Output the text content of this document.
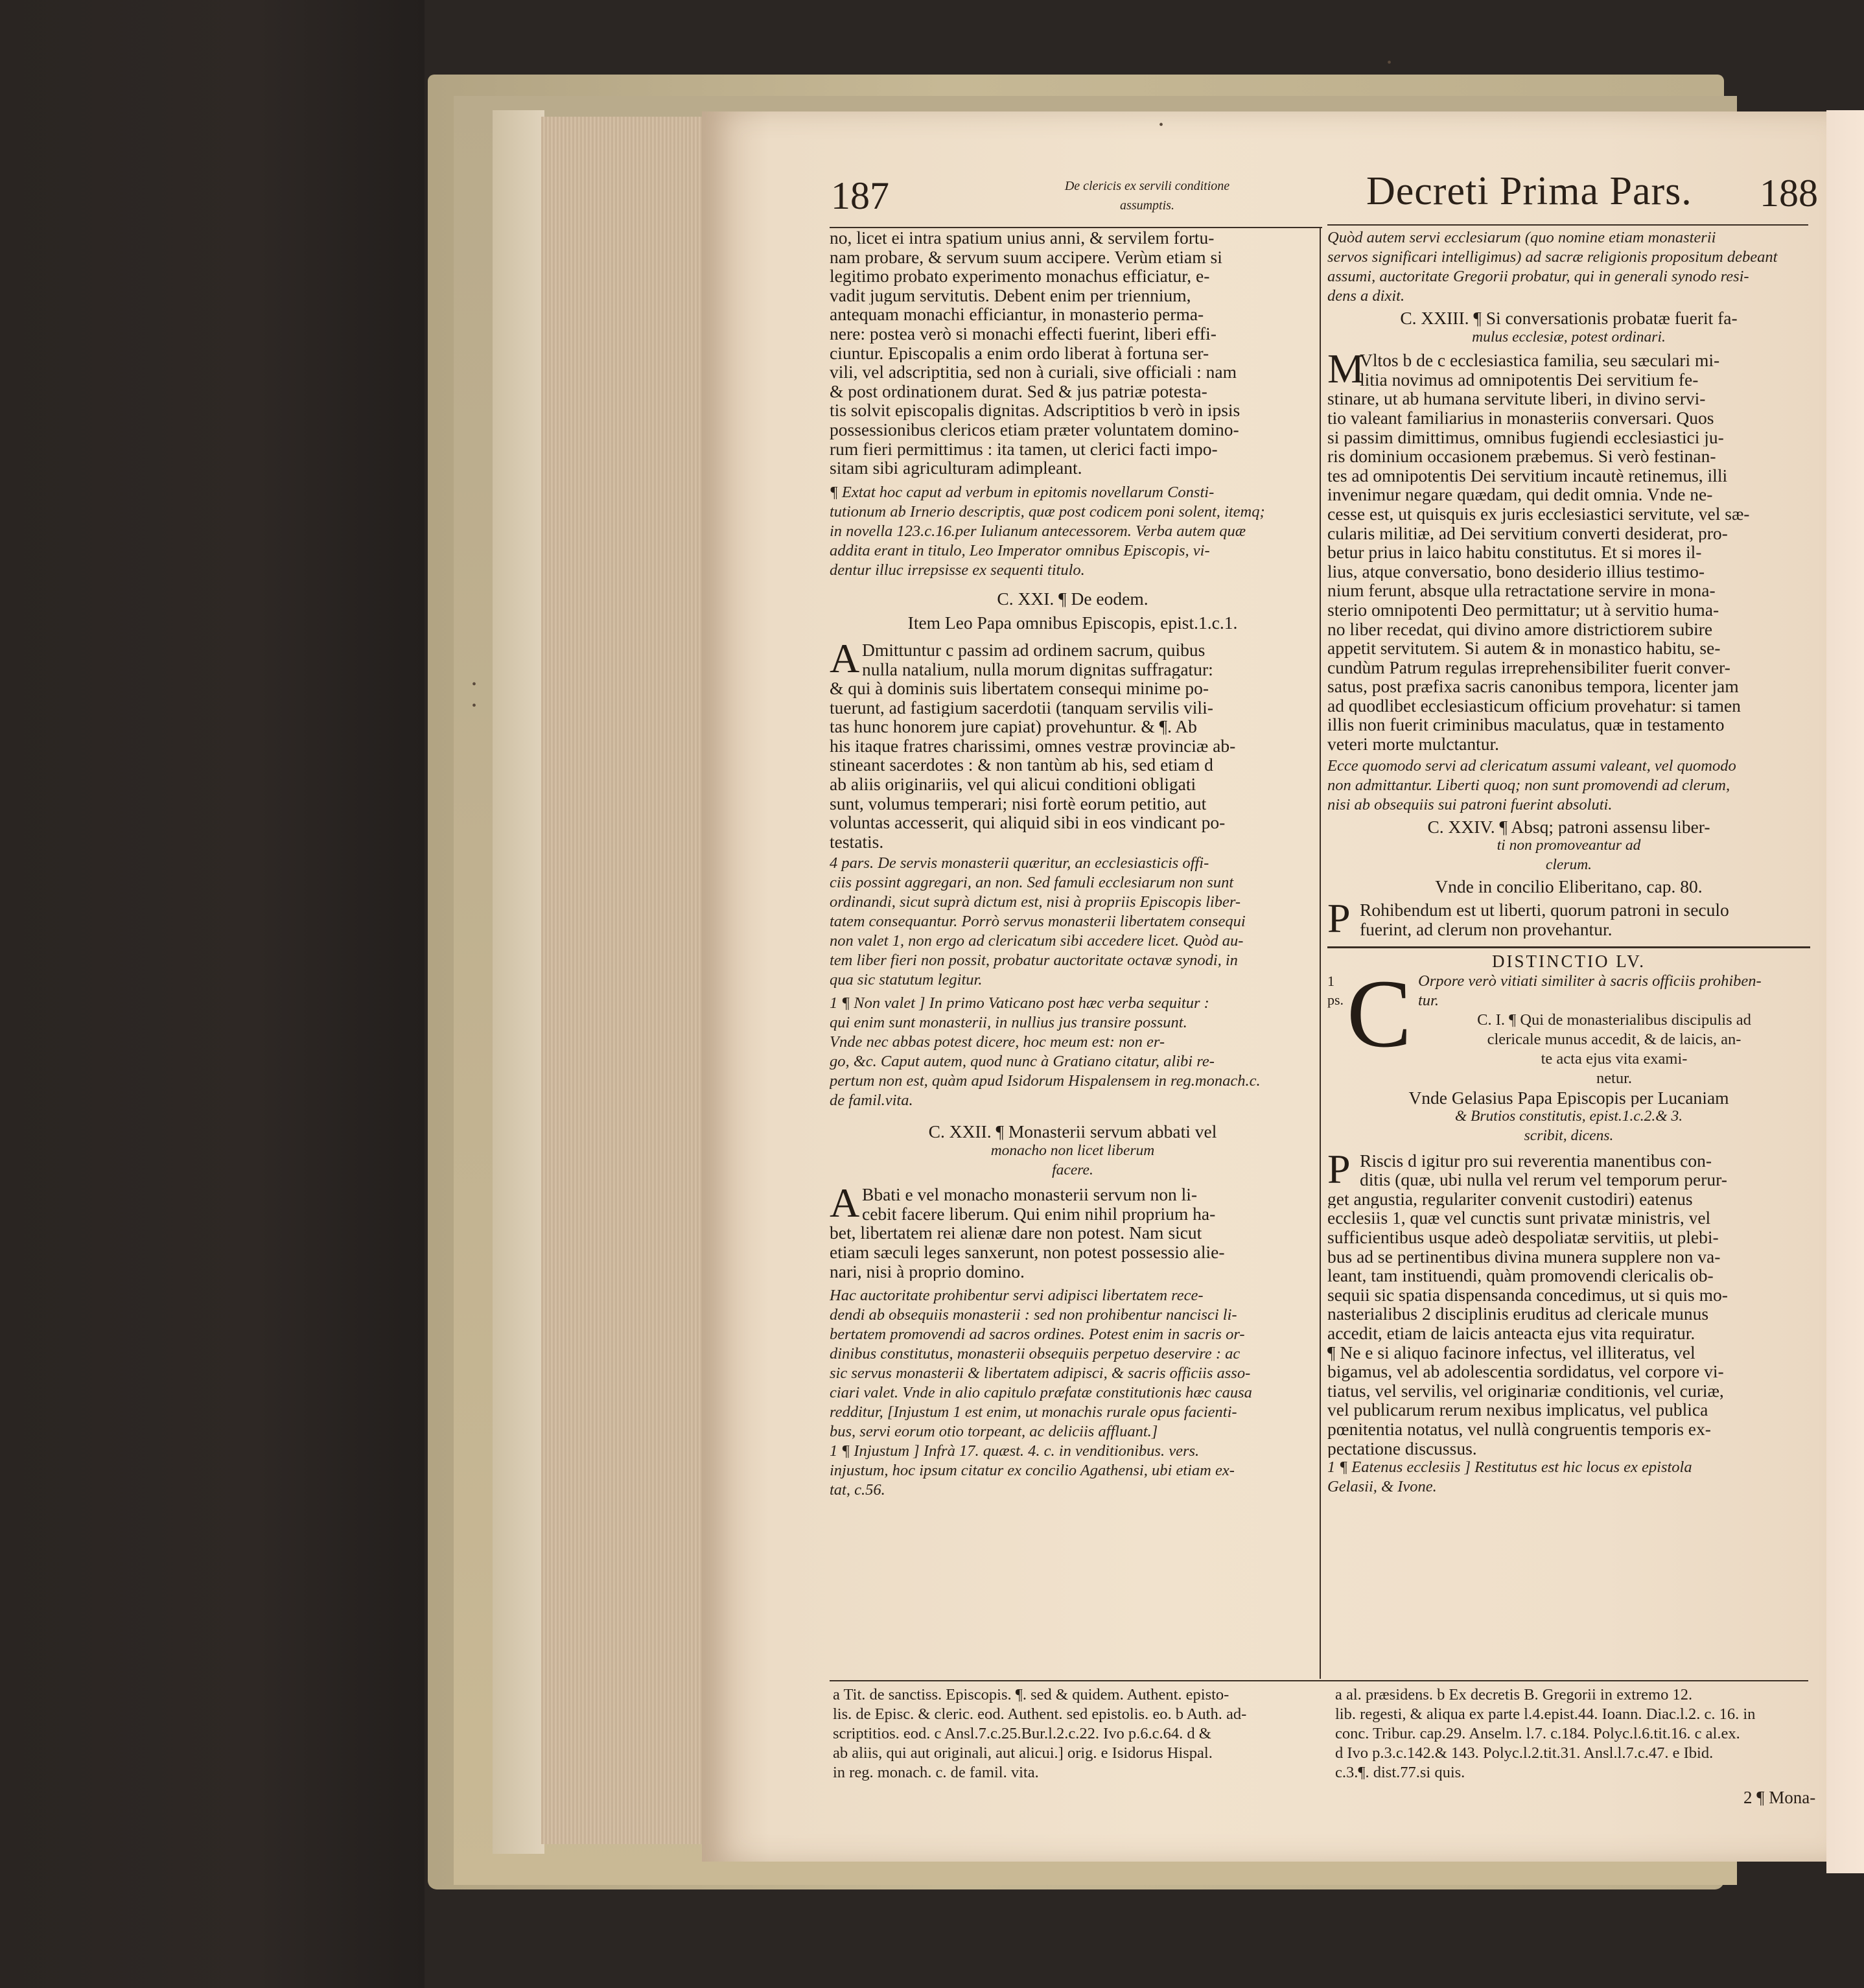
•
•
•
•
187	De clericis ex servili conditione
assumptis.	Decreti Prima Pars. 188
no, licet ei intra spatium unius anni, & servilem fortu-
nam probare, & servum suum accipere. Verùm etiam si
legitimo probato experimento monachus efficiatur, e-
vadit jugum servitutis. Debent enim per triennium,
antequam monachi efficiantur, in monasterio perma-
nere: postea verò si monachi effecti fuerint, liberi effi-
ciuntur. Episcopalis a enim ordo liberat à fortuna ser-
vili, vel adscriptitia, sed non à curiali, sive officiali : nam
& post ordinationem durat. Sed & jus patriæ potesta-
tis solvit episcopalis dignitas. Adscriptitios b verò in ipsis
possessionibus clericos etiam præter voluntatem domino-
rum fieri permittimus : ita tamen, ut clerici facti impo-
sitam sibi agriculturam adimpleant.
¶ Extat hoc caput ad verbum in epitomis novellarum Consti-
tutionum ab Irnerio descriptis, quæ post codicem poni solent, itemq;
in novella 123.c.16.per Iulianum antecessorem. Verba autem quæ
addita erant in titulo, Leo Imperator omnibus Episcopis, vi-
dentur illuc irrepsisse ex sequenti titulo.
C. XXI. ¶ De eodem.
Item Leo Papa omnibus Episcopis, epist.1.c.1.
A Dmittuntur c passim ad ordinem sacrum, quibus
nulla natalium, nulla morum dignitas suffragatur:
& qui à dominis suis libertatem consequi minime po-
tuerunt, ad fastigium sacerdotii (tanquam servilis vili-
tas hunc honorem jure capiat) provehuntur. & ¶. Ab
his itaque fratres charissimi, omnes vestræ provinciæ ab-
stineant sacerdotes : & non tantùm ab his, sed etiam d
ab aliis originariis, vel qui alicui conditioni obligati
sunt, volumus temperari; nisi fortè eorum petitio, aut
voluntas accesserit, qui aliquid sibi in eos vindicant po-
testatis.
4 pars. De servis monasterii quæritur, an ecclesiasticis offi-
ciis possint aggregari, an non. Sed famuli ecclesiarum non sunt
ordinandi, sicut suprà dictum est, nisi à propriis Episcopis liber-
tatem consequantur. Porrò servus monasterii libertatem consequi
non valet 1, non ergo ad clericatum sibi accedere licet. Quòd au-
tem liber fieri non possit, probatur auctoritate octavæ synodi, in
qua sic statutum legitur.
1 ¶ Non valet ] In primo Vaticano post hæc verba sequitur :
qui enim sunt monasterii, in nullius jus transire possunt.
Vnde nec abbas potest dicere, hoc meum est: non er-
go, &c. Caput autem, quod nunc à Gratiano citatur, alibi re-
pertum non est, quàm apud Isidorum Hispalensem in reg.monach.c.
de famil.vita.
C. XXII. ¶ Monasterii servum abbati vel
monacho non licet liberum
facere.
A Bbati e vel monacho monasterii servum non li-
cebit facere liberum. Qui enim nihil proprium ha-
bet, libertatem rei alienæ dare non potest. Nam sicut
etiam sæculi leges sanxerunt, non potest possessio alie-
nari, nisi à proprio domino.
Hac auctoritate prohibentur servi adipisci libertatem rece-
dendi ab obsequiis monasterii : sed non prohibentur nancisci li-
bertatem promovendi ad sacros ordines. Potest enim in sacris or-
dinibus constitutus, monasterii obsequiis perpetuo deservire : ac
sic servus monasterii & libertatem adipisci, & sacris officiis asso-
ciari valet. Vnde in alio capitulo præfatæ constitutionis hæc causa
redditur, [Injustum 1 est enim, ut monachis rurale opus facienti-
bus, servi eorum otio torpeant, ac deliciis affluant.]
1 ¶ Injustum ] Infrà 17. quæst. 4. c. in venditionibus. vers.
injustum, hoc ipsum citatur ex concilio Agathensi, ubi etiam ex-
tat, c.56.
a Tit. de sanctiss. Episcopis. ¶. sed & quidem. Authent. episto-
lis. de Episc. & cleric. eod. Authent. sed epistolis. eo. b Auth. ad-
scriptitios. eod. c Ansl.7.c.25.Bur.l.2.c.22. Ivo p.6.c.64. d &
ab aliis, qui aut originali, aut alicui.] orig. e Isidorus Hispal.
in reg. monach. c. de famil. vita.
Quòd autem servi ecclesiarum (quo nomine etiam monasterii
servos significari intelligimus) ad sacræ religionis propositum debeant
assumi, auctoritate Gregorii probatur, qui in generali synodo resi-
dens a dixit.
C. XXIII. ¶ Si conversationis probatæ fuerit fa-
mulus ecclesiæ, potest ordinari.
M
Vltos b de c ecclesiastica familia, seu sæculari mi-
litia novimus ad omnipotentis Dei servitium fe-
stinare, ut ab humana servitute liberi, in divino servi-
tio valeant familiarius in monasteriis conversari. Quos
si passim dimittimus, omnibus fugiendi ecclesiastici ju-
ris dominium occasionem præbemus. Si verò festinan-
tes ad omnipotentis Dei servitium incautè retinemus, illi
invenimur negare quædam, qui dedit omnia. Vnde ne-
cesse est, ut quisquis ex juris ecclesiastici servitute, vel sæ-
cularis militiæ, ad Dei servitium converti desiderat, pro-
betur prius in laico habitu constitutus. Et si mores il-
lius, atque conversatio, bono desiderio illius testimo-
nium ferunt, absque ulla retractatione servire in mona-
sterio omnipotenti Deo permittatur; ut à servitio huma-
no liber recedat, qui divino amore districtiorem subire
appetit servitutem. Si autem & in monastico habitu, se-
cundùm Patrum regulas irreprehensibiliter fuerit conver-
satus, post præfixa sacris canonibus tempora, licenter jam
ad quodlibet ecclesiasticum officium provehatur: si tamen
illis non fuerit criminibus maculatus, quæ in testamento
veteri morte mulctantur.
Ecce quomodo servi ad clericatum assumi valeant, vel quomodo
non admittantur. Liberti quoq; non sunt promovendi ad clerum,
nisi ab obsequiis sui patroni fuerint absoluti.
C. XXIV. ¶ Absq; patroni assensu liber-
ti non promoveantur ad
clerum.
Vnde in concilio Eliberitano, cap. 80.
P Rohibendum est ut liberti, quorum patroni in seculo
fuerint, ad clerum non provehantur.
DISTINCTIO LV.
1
ps. C Orpore verò vitiati similiter à sacris officiis prohiben-
tur.
C. I. ¶ Qui de monasterialibus discipulis ad
clericale munus accedit, & de laicis, an-
te acta ejus vita exami-
netur.
Vnde Gelasius Papa Episcopis per Lucaniam
& Brutios constitutis, epist.1.c.2.& 3.
scribit, dicens.
P Riscis d igitur pro sui reverentia manentibus con-
ditis (quæ, ubi nulla vel rerum vel temporum perur-
get angustia, regulariter convenit custodiri) eatenus
ecclesiis 1, quæ vel cunctis sunt privatæ ministris, vel
sufficientibus usque adeò despoliatæ servitiis, ut plebi-
bus ad se pertinentibus divina munera supplere non va-
leant, tam instituendi, quàm promovendi clericalis ob-
sequii sic spatia dispensanda concedimus, ut si quis mo-
nasterialibus 2 disciplinis eruditus ad clericale munus
accedit, etiam de laicis anteacta ejus vita requiratur.
¶ Ne e si aliquo facinore infectus, vel illiteratus, vel
bigamus, vel ab adolescentia sordidatus, vel corpore vi-
tiatus, vel servilis, vel originariæ conditionis, vel curiæ,
vel publicarum rerum nexibus implicatus, vel publica
pœnitentia notatus, vel nullà congruentis temporis ex-
pectatione discussus.
1 ¶ Eatenus ecclesiis ] Restitutus est hic locus ex epistola
Gelasii, & Ivone.
a al. præsidens. b Ex decretis B. Gregorii in extremo 12.
lib. regesti, & aliqua ex parte l.4.epist.44. Ioann. Diac.l.2. c. 16. in
conc. Tribur. cap.29. Anselm. l.7. c.184. Polyc.l.6.tit.16. c al.ex.
d Ivo p.3.c.142.& 143. Polyc.l.2.tit.31. Ansl.l.7.c.47. e Ibid.
c.3.¶. dist.77.si quis.
2 ¶ Mona-
